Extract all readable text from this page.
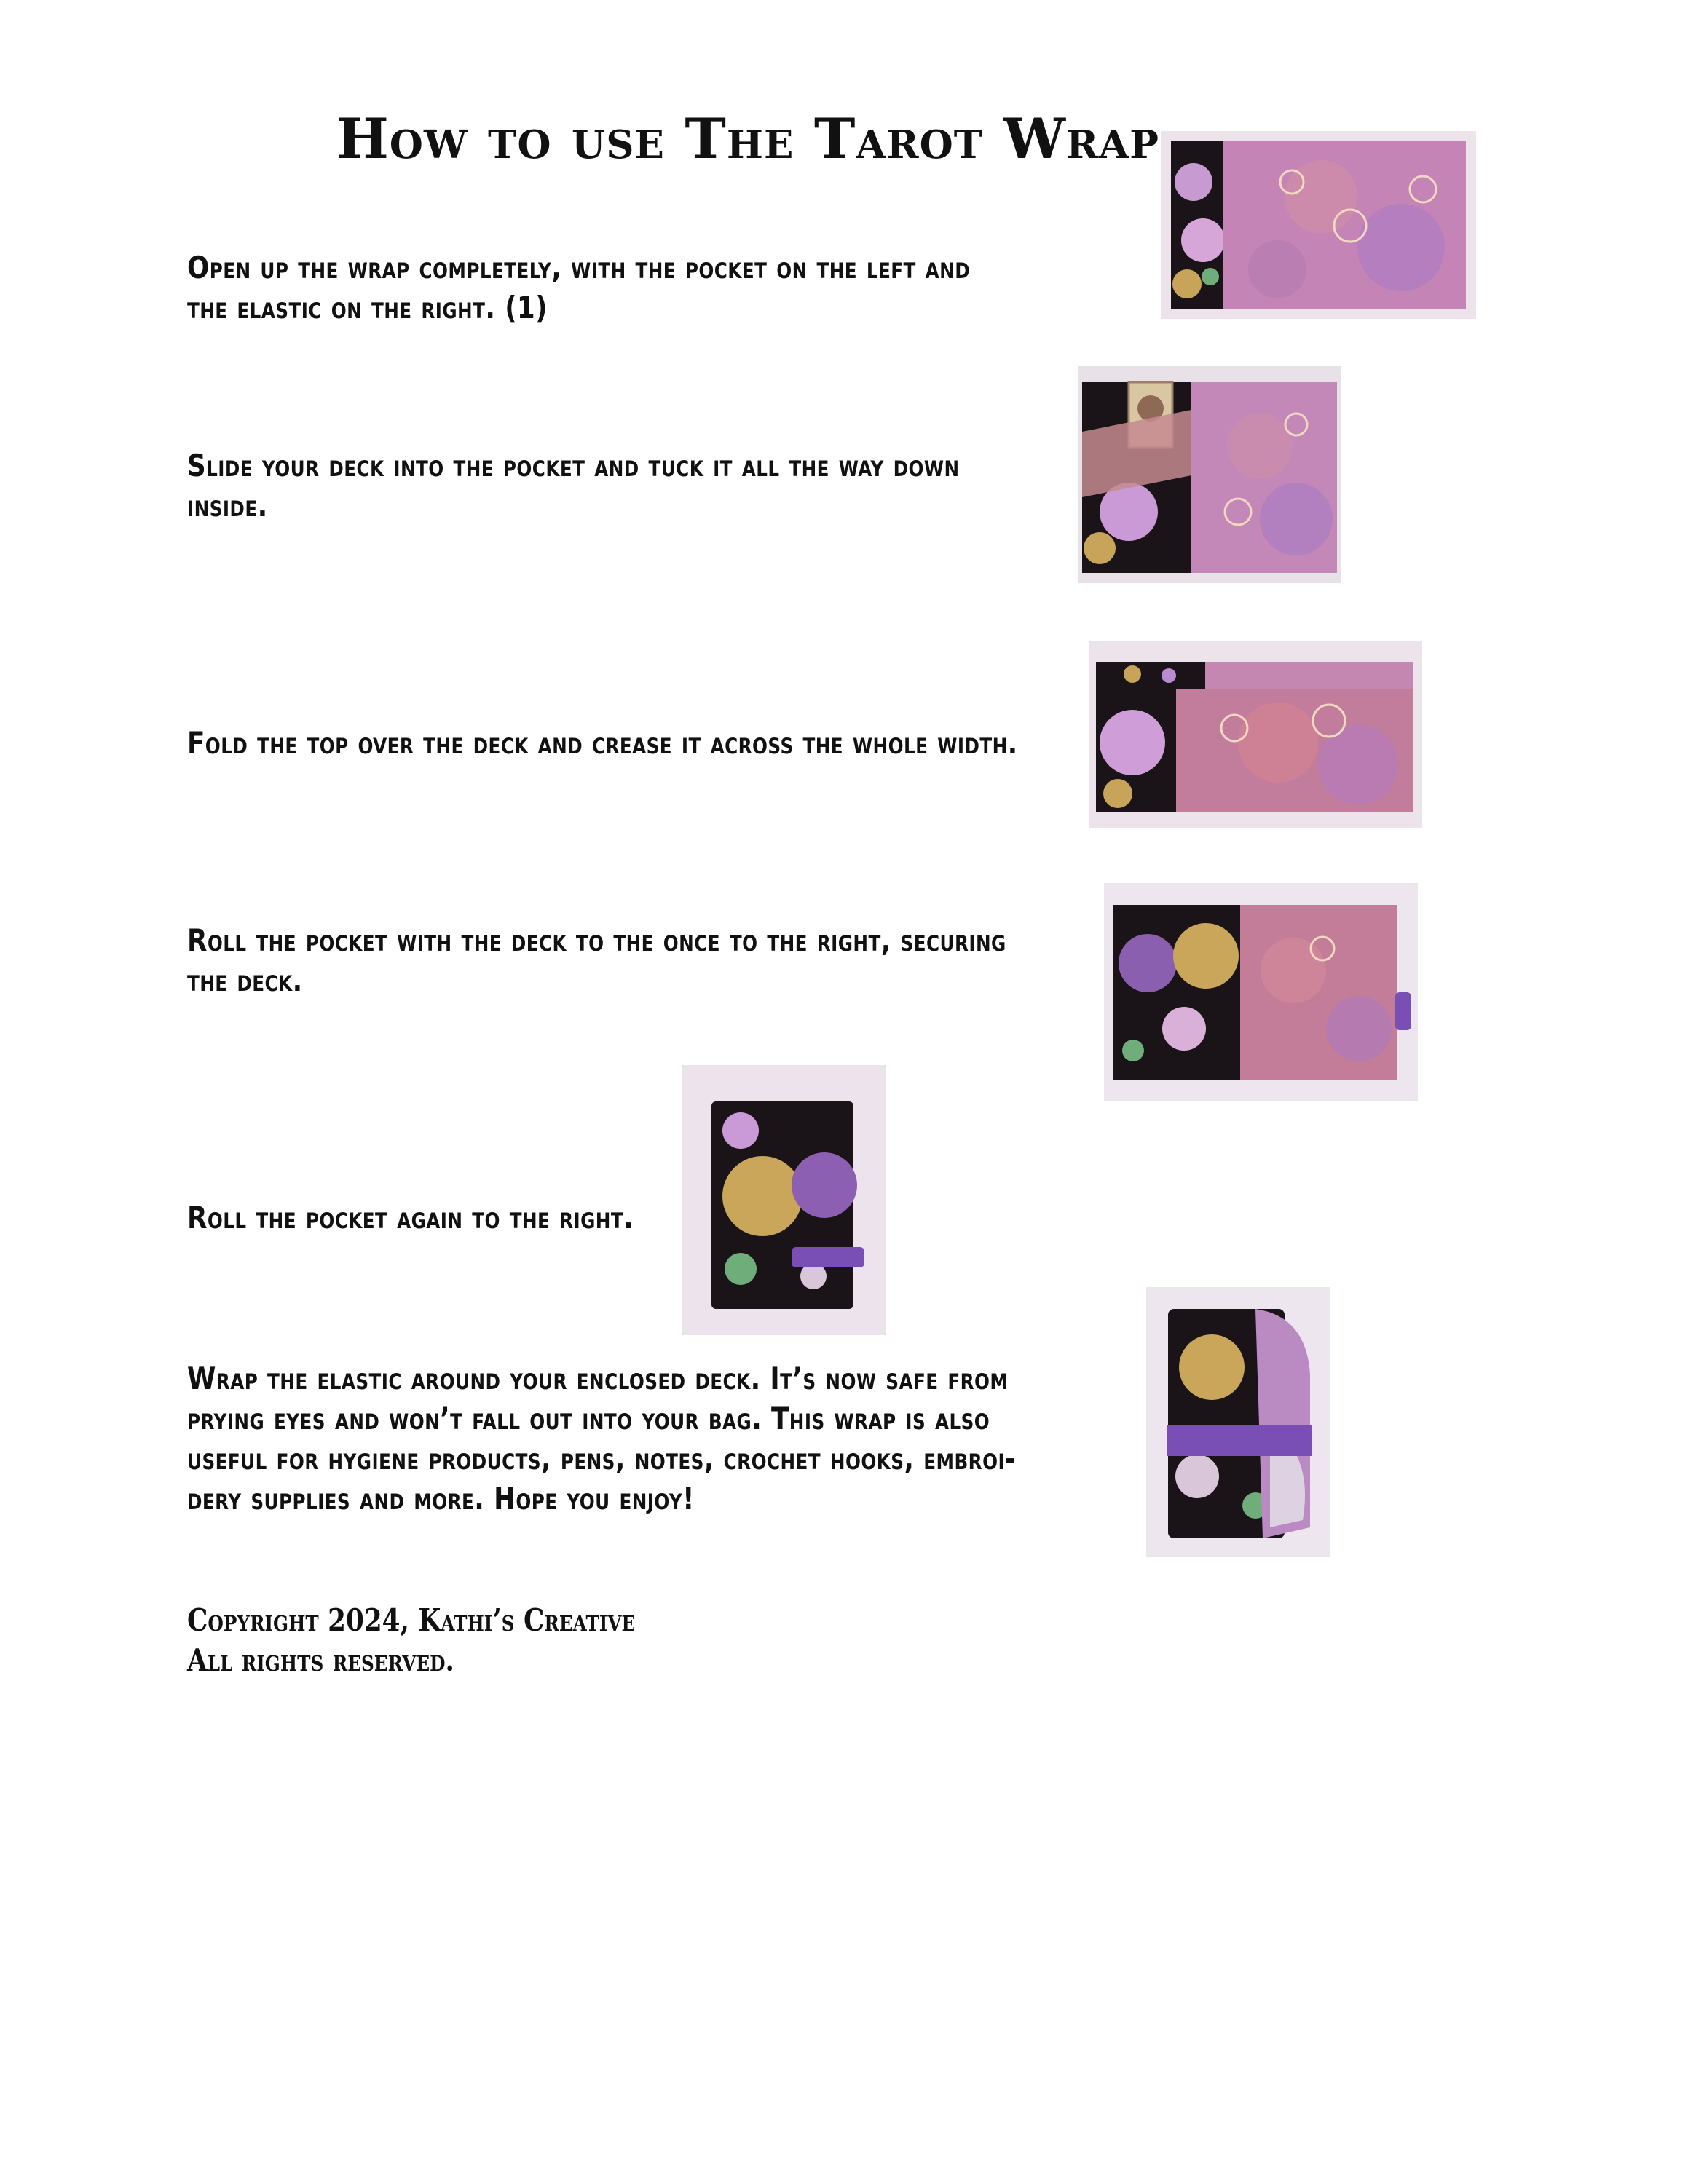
How to use The Tarot Wrap
Open up the wrap completely, with the pocket on the left and
the elastic on the right. (1)
Slide your deck into the pocket and tuck it all the way down
inside.
Fold the top over the deck and crease it across the whole width.
Roll the pocket with the deck to the once to the right, securing
the deck.
Roll the pocket again to the right.
Wrap the elastic around your enclosed deck. It’s now safe from
prying eyes and won’t fall out into your bag. This wrap is also
useful for hygiene products, pens, notes, crochet hooks, embroi-
dery supplies and more. Hope you enjoy!
Copyright 2024, Kathi’s Creative
All rights reserved.
